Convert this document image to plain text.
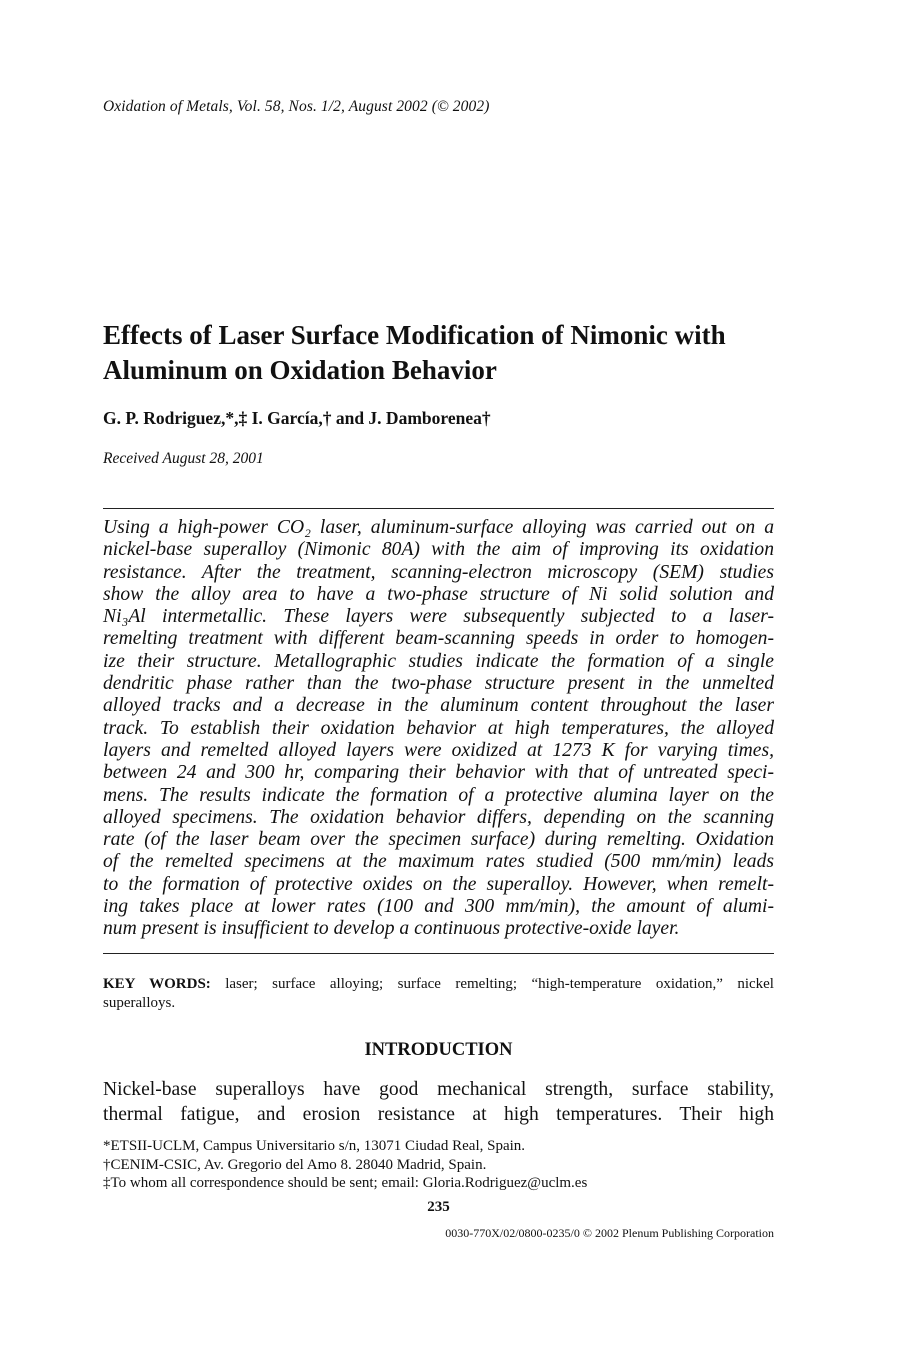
Oxidation of Metals, Vol. 58, Nos. 1/2, August 2002 (© 2002)
Effects of Laser Surface Modification of Nimonic with
Aluminum on Oxidation Behavior
G. P. Rodriguez,*,‡ I. García,† and J. Damborenea†
Received August 28, 2001
Using a high-power CO₂ laser, aluminum-surface alloying was carried out on a
nickel-base superalloy (Nimonic 80A) with the aim of improving its oxidation
resistance. After the treatment, scanning-electron microscopy (SEM) studies
show the alloy area to have a two-phase structure of Ni solid solution and
Ni₃Al intermetallic. These layers were subsequently subjected to a laser-
remelting treatment with different beam-scanning speeds in order to homogen-
ize their structure. Metallographic studies indicate the formation of a single
dendritic phase rather than the two-phase structure present in the unmelted
alloyed tracks and a decrease in the aluminum content throughout the laser
track. To establish their oxidation behavior at high temperatures, the alloyed
layers and remelted alloyed layers were oxidized at 1273 K for varying times,
between 24 and 300 hr, comparing their behavior with that of untreated speci-
mens. The results indicate the formation of a protective alumina layer on the
alloyed specimens. The oxidation behavior differs, depending on the scanning
rate (of the laser beam over the specimen surface) during remelting. Oxidation
of the remelted specimens at the maximum rates studied (500 mm/min) leads
to the formation of protective oxides on the superalloy. However, when remelt-
ing takes place at lower rates (100 and 300 mm/min), the amount of alumi-
num present is insufficient to develop a continuous protective-oxide layer.
KEY WORDS: laser; surface alloying; surface remelting; “high-temperature oxidation,” nickel
superalloys.
INTRODUCTION
Nickel-base superalloys have good mechanical strength, surface stability,
thermal fatigue, and erosion resistance at high temperatures. Their high
*ETSII-UCLM, Campus Universitario s/n, 13071 Ciudad Real, Spain.
†CENIM-CSIC, Av. Gregorio del Amo 8. 28040 Madrid, Spain.
‡To whom all correspondence should be sent; email: Gloria.Rodriguez@uclm.es
235
0030-770X/02/0800-0235/0 © 2002 Plenum Publishing Corporation
